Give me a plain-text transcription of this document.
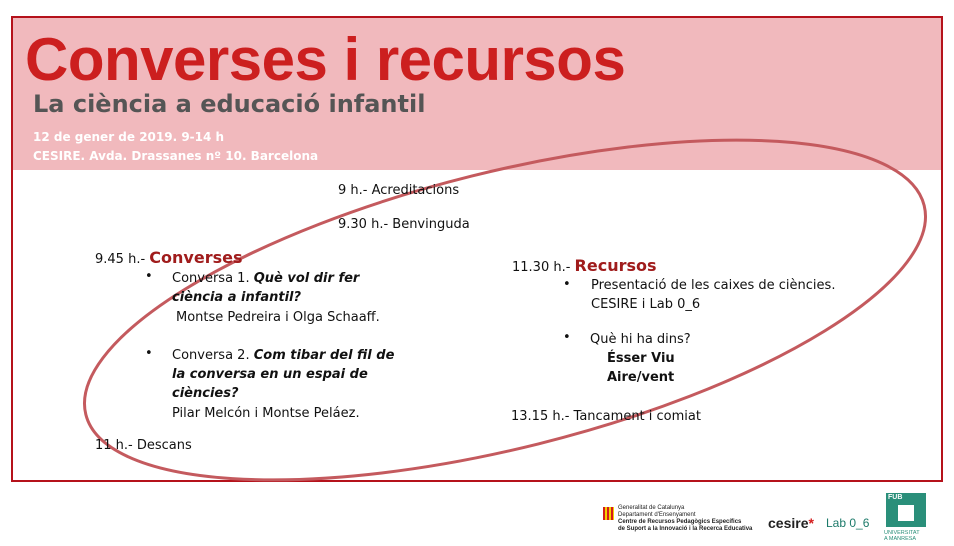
Converses i recursos
La ciència a educació infantil
12 de gener de 2019. 9-14 h
CESIRE. Avda. Drassanes nº 10. Barcelona
9 h.- Acreditacions
9.30 h.- Benvinguda
9.45 h.- Converses
• Conversa 1. Què vol dir fer
ciència a infantil?
Montse Pedreira i Olga Schaaff.
• Conversa 2. Com tibar del fil de
la conversa en un espai de
ciències?
Pilar Melcón i Montse Peláez.
11 h.- Descans
11.30 h.- Recursos
• Presentació de les caixes de ciències.
CESIRE i Lab 0_6
• Què hi ha dins?
Ésser Viu
Aire/vent
13.15 h.- Tancament i comiat
Generalitat de Catalunya
Departament d'Ensenyament
Centre de Recursos Pedagògics Específics
de Suport a la Innovació i la Recerca Educativa cesire* Lab 0_6
FUB
UNIVERSITAT
A MANRESA
